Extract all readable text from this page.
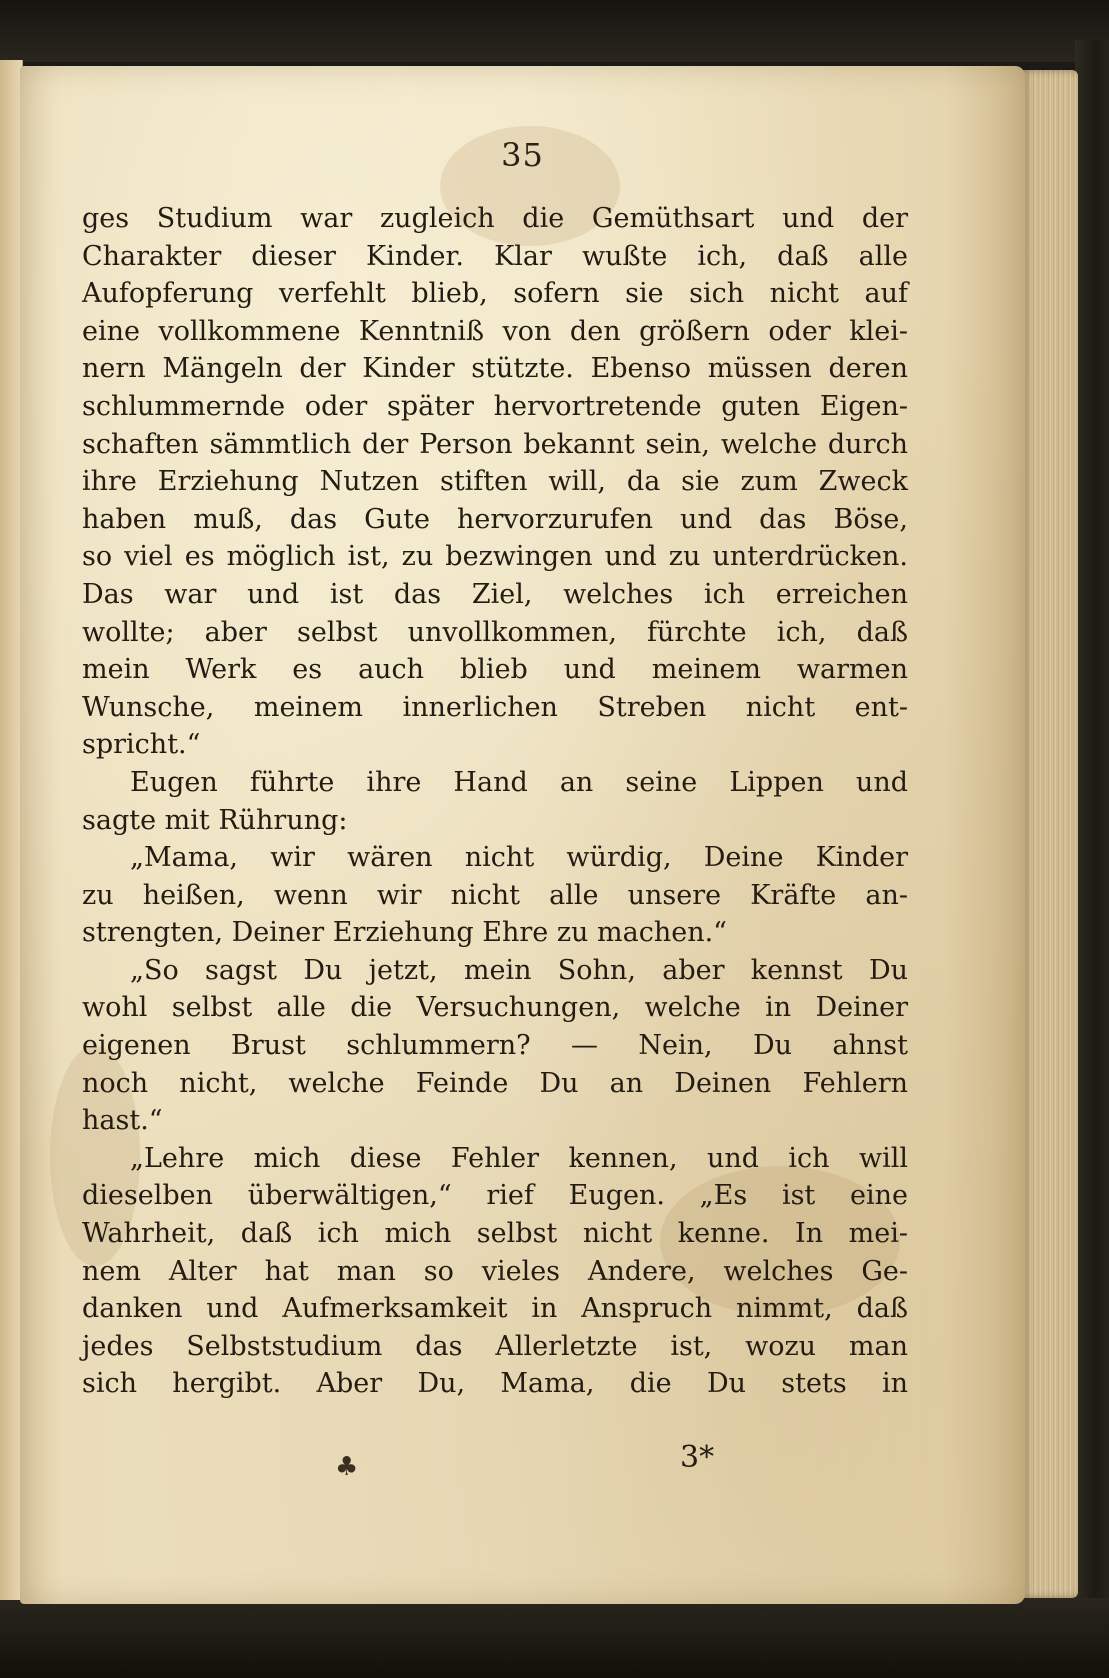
35
ges Studium war zugleich die Gemüthsart und der
Charakter dieser Kinder. Klar wußte ich, daß alle
Aufopferung verfehlt blieb, sofern sie sich nicht auf
eine vollkommene Kenntniß von den größern oder klei-
nern Mängeln der Kinder stützte. Ebenso müssen deren
schlummernde oder später hervortretende guten Eigen-
schaften sämmtlich der Person bekannt sein, welche durch
ihre Erziehung Nutzen stiften will, da sie zum Zweck
haben muß, das Gute hervorzurufen und das Böse,
so viel es möglich ist, zu bezwingen und zu unterdrücken.
Das war und ist das Ziel, welches ich erreichen
wollte; aber selbst unvollkommen, fürchte ich, daß
mein Werk es auch blieb und meinem warmen
Wunsche, meinem innerlichen Streben nicht ent-
spricht.“
Eugen führte ihre Hand an seine Lippen und
sagte mit Rührung:
„Mama, wir wären nicht würdig, Deine Kinder
zu heißen, wenn wir nicht alle unsere Kräfte an-
strengten, Deiner Erziehung Ehre zu machen.“
„So sagst Du jetzt, mein Sohn, aber kennst Du
wohl selbst alle die Versuchungen, welche in Deiner
eigenen Brust schlummern? — Nein, Du ahnst
noch nicht, welche Feinde Du an Deinen Fehlern
hast.“
„Lehre mich diese Fehler kennen, und ich will
dieselben überwältigen,“ rief Eugen. „Es ist eine
Wahrheit, daß ich mich selbst nicht kenne. In mei-
nem Alter hat man so vieles Andere, welches Ge-
danken und Aufmerksamkeit in Anspruch nimmt, daß
jedes Selbststudium das Allerletzte ist, wozu man
sich hergibt. Aber Du, Mama, die Du stets in
♣	3*
